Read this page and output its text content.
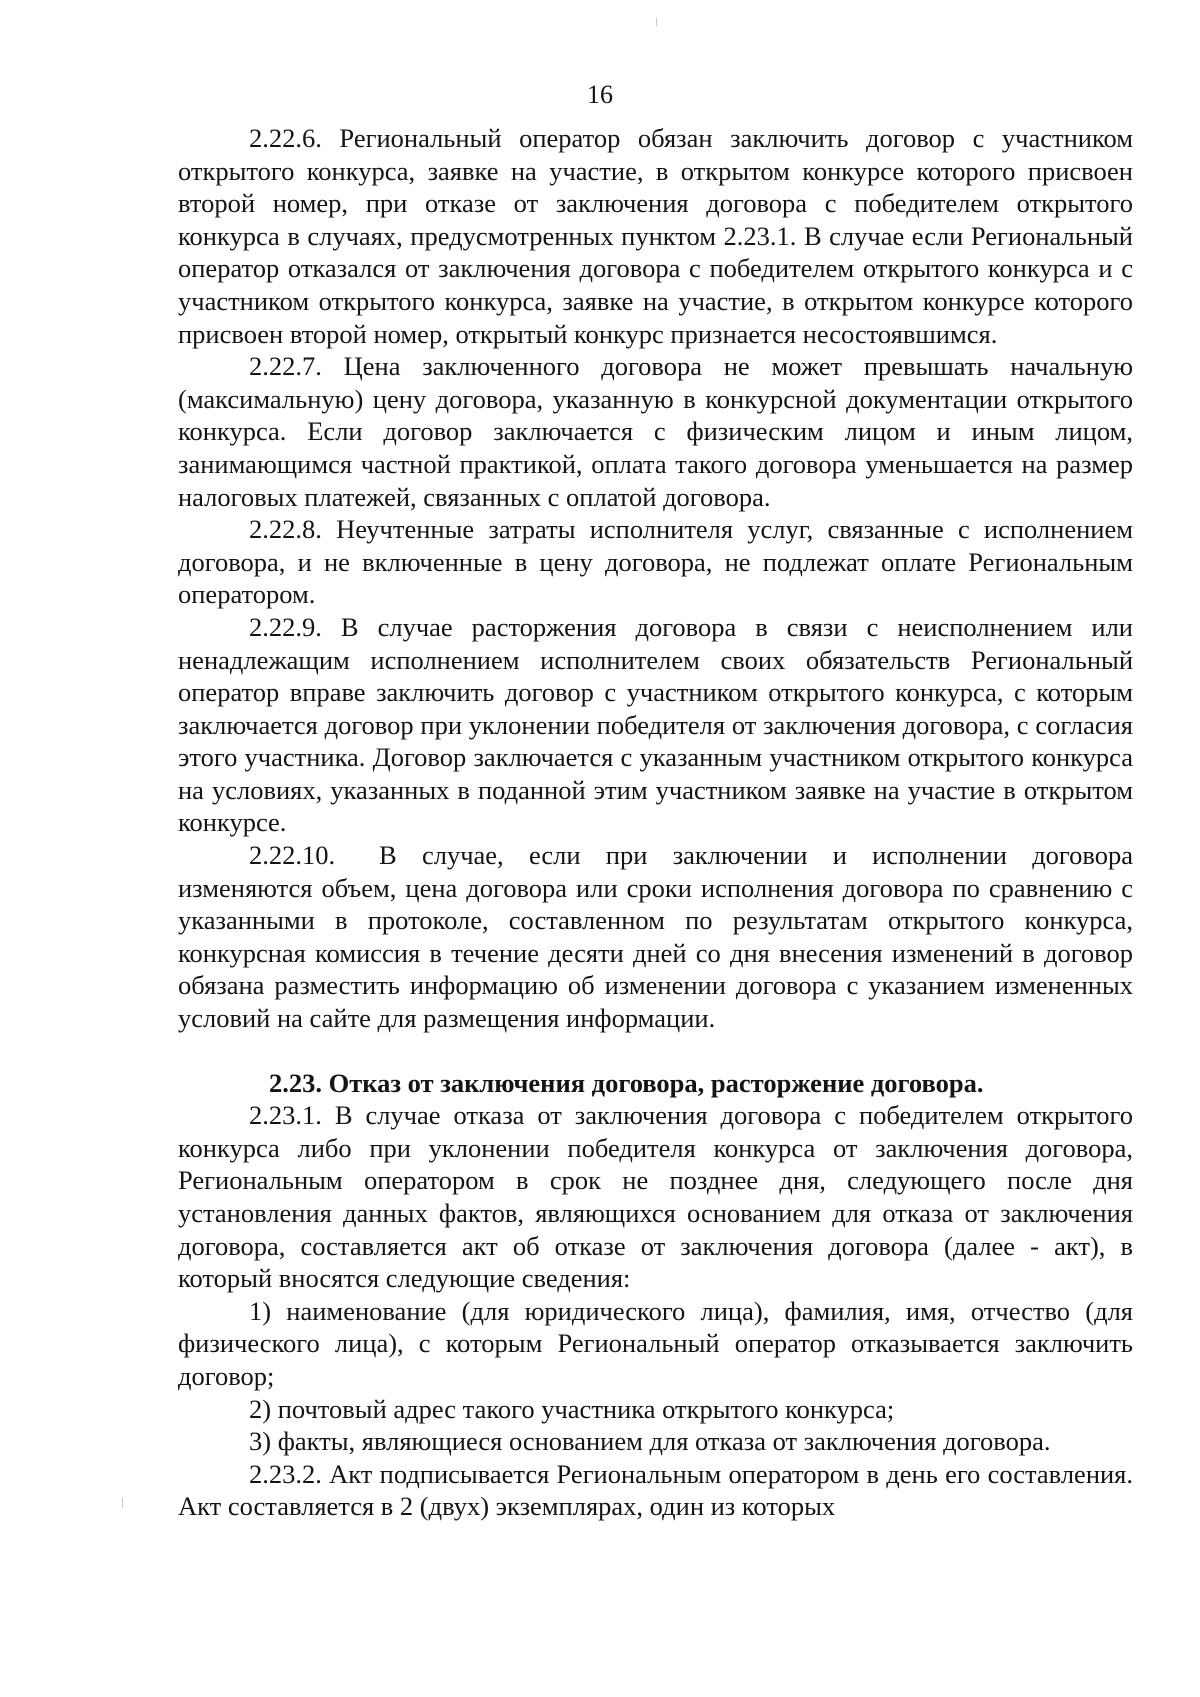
16

2.22.6. Региональный оператор обязан заключить договор с участником открытого конкурса, заявке на участие, в открытом конкурсе которого присвоен второй номер, при отказе от заключения договора с победителем открытого конкурса в случаях, предусмотренных пунктом 2.23.1. В случае если Региональный оператор отказался от заключения договора с победителем открытого конкурса и с участником открытого конкурса, заявке на участие, в открытом конкурсе которого присвоен второй номер, открытый конкурс признается несостоявшимся.

2.22.7. Цена заключенного договора не может превышать начальную (максимальную) цену договора, указанную в конкурсной документации открытого конкурса. Если договор заключается с физическим лицом и иным лицом, занимающимся частной практикой, оплата такого договора уменьшается на размер налоговых платежей, связанных с оплатой договора.

2.22.8. Неучтенные затраты исполнителя услуг, связанные с исполнением договора, и не включенные в цену договора, не подлежат оплате Региональным оператором.

2.22.9. В случае расторжения договора в связи с неисполнением или ненадлежащим исполнением исполнителем своих обязательств Региональный оператор вправе заключить договор с участником открытого конкурса, с которым заключается договор при уклонении победителя от заключения договора, с согласия этого участника. Договор заключается с указанным участником открытого конкурса на условиях, указанных в поданной этим участником заявке на участие в открытом конкурсе.

2.22.10. В случае, если при заключении и исполнении договора изменяются объем, цена договора или сроки исполнения договора по сравнению с указанными в протоколе, составленном по результатам открытого конкурса, конкурсная комиссия в течение десяти дней со дня внесения изменений в договор обязана разместить информацию об изменении договора с указанием измененных условий на сайте для размещения информации.

2.23. Отказ от заключения договора, расторжение договора.

2.23.1. В случае отказа от заключения договора с победителем открытого конкурса либо при уклонении победителя конкурса от заключения договора, Региональным оператором в срок не позднее дня, следующего после дня установления данных фактов, являющихся основанием для отказа от заключения договора, составляется акт об отказе от заключения договора (далее - акт), в который вносятся следующие сведения:

1) наименование (для юридического лица), фамилия, имя, отчество (для физического лица), с которым Региональный оператор отказывается заключить договор;

2) почтовый адрес такого участника открытого конкурса;

3) факты, являющиеся основанием для отказа от заключения договора.

2.23.2. Акт подписывается Региональным оператором в день его составления. Акт составляется в 2 (двух) экземплярах, один из которых
